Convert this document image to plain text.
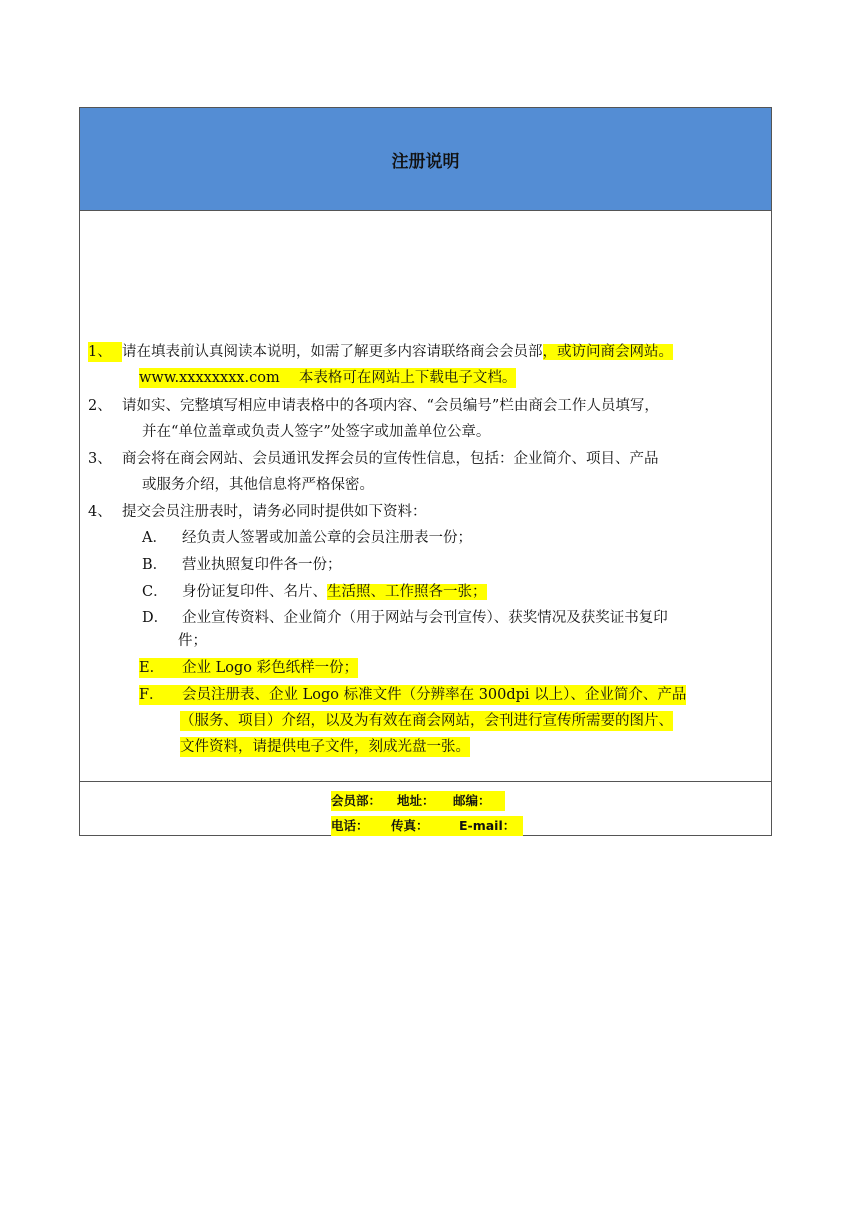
注册说明
1、 请在填表前认真阅读本说明，如需了解更多内容请联络商会会员部，或访问商会网站。
www.xxxxxxxx.com　 本表格可在网站上下载电子文档。
2、 请如实、完整填写相应申请表格中的各项内容、“会员编号”栏由商会工作人员填写，
并在“单位盖章或负责人签字”处签字或加盖单位公章。
3、 商会将在商会网站、会员通讯发挥会员的宣传性信息，包括：企业简介、项目、产品
或服务介绍，其他信息将严格保密。
4、 提交会员注册表时，请务必同时提供如下资料：
A． 经负责人签署或加盖公章的会员注册表一份；
B． 营业执照复印件各一份；
C． 身份证复印件、名片、生活照、工作照各一张；
D． 企业宣传资料、企业简介（用于网站与会刊宣传）、获奖情况及获奖证书复印
件；
E． 企业 Logo 彩色纸样一份；
F． 会员注册表、企业 Logo 标准文件（分辨率在 300dpi 以上）、企业简介、产品
（服务、项目）介绍，以及为有效在商会网站，会刊进行宣传所需要的图片、
文件资料，请提供电子文件，刻成光盘一张。
会员部： 地址： 邮编：
电话： 传真： E-mail：
